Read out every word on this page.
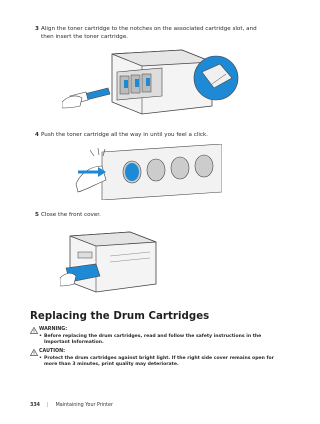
3 Align the toner cartridge to the notches on the associated cartridge slot, and then insert the toner cartridge.
4 Push the toner cartridge all the way in until you feel a click.
5 Close the front cover.
Replacing the Drum Cartridges
WARNING:
• Before replacing the drum cartridges, read and follow the safety instructions in the Important Information.
CAUTION:
• Protect the drum cartridges against bright light. If the right side cover remains open for more than 3 minutes, print quality may deteriorate.
334 | Maintaining Your Printer
